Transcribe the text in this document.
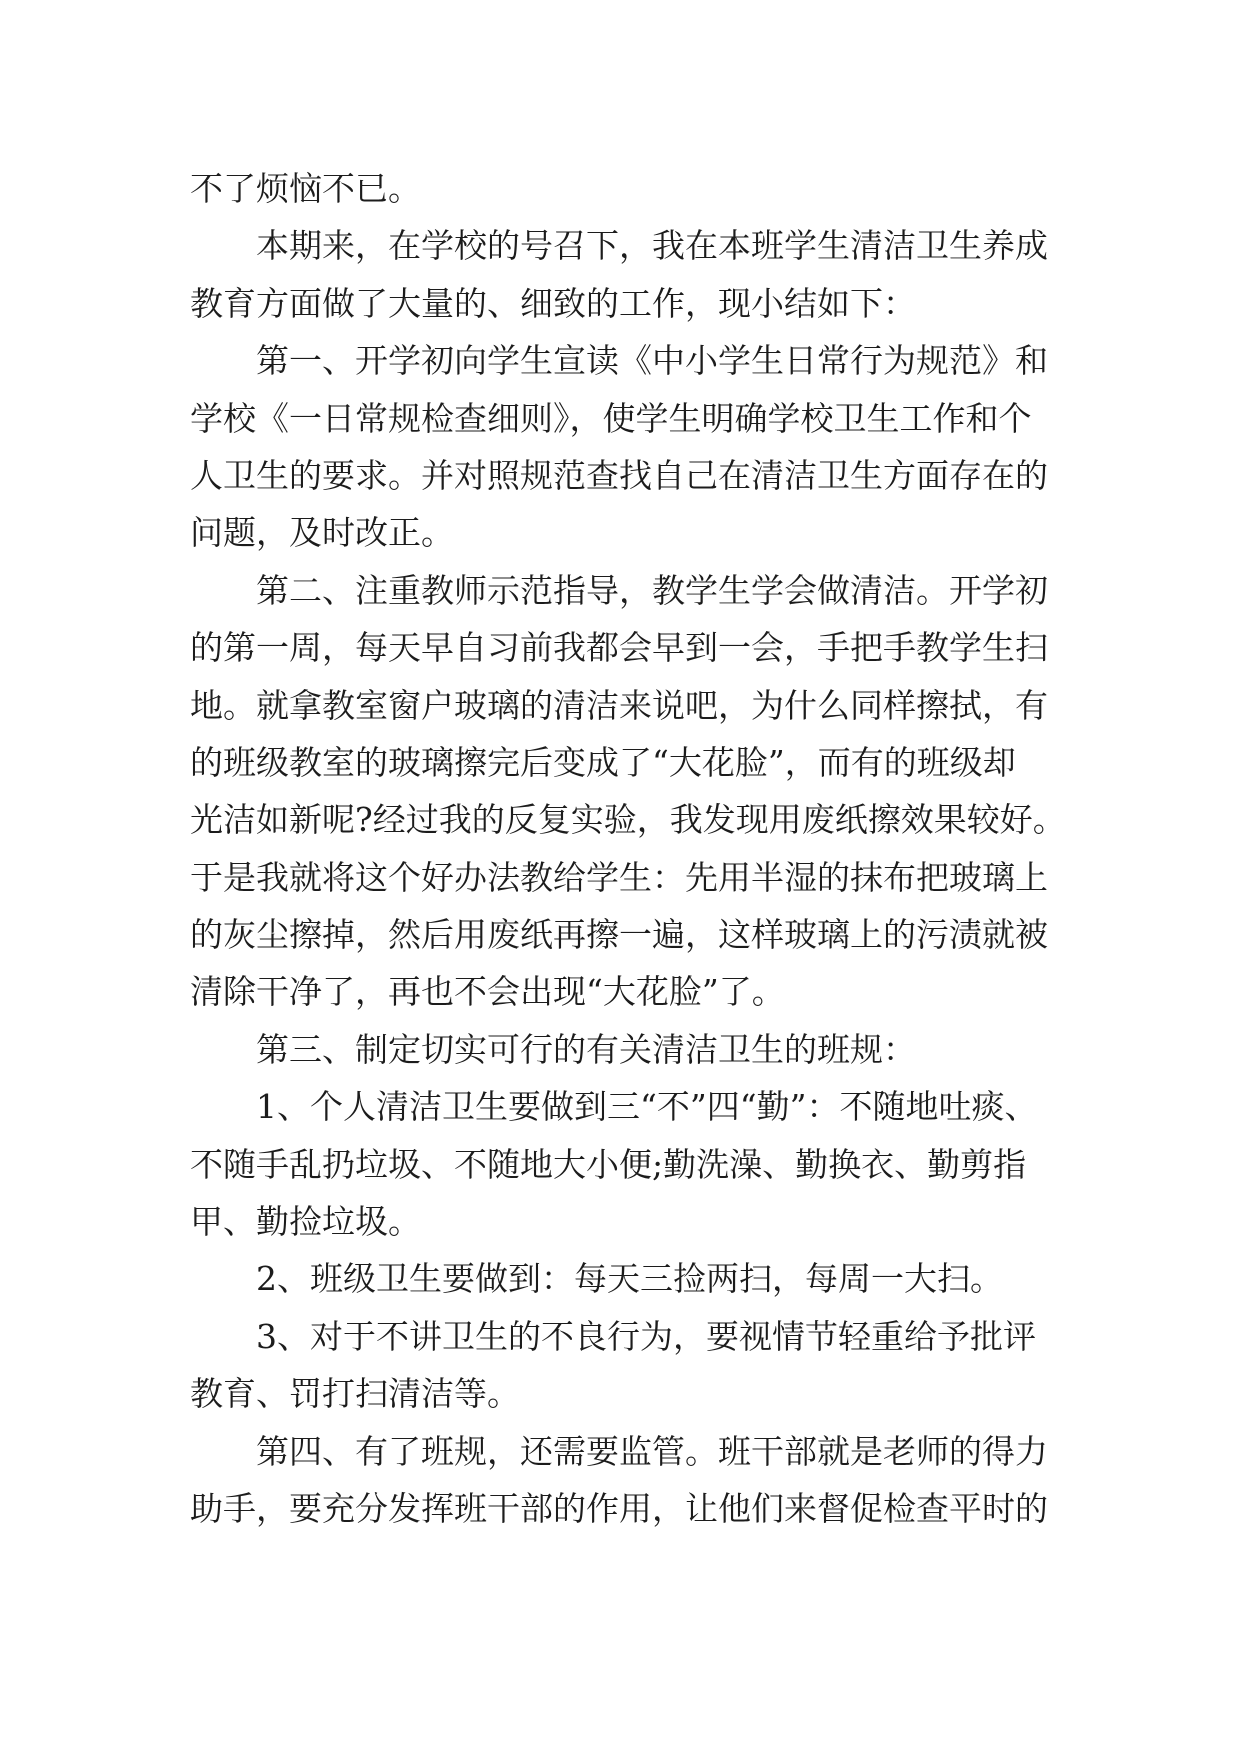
不了烦恼不已。
本期来，在学校的号召下，我在本班学生清洁卫生养成
教育方面做了大量的、细致的工作，现小结如下：
第一、开学初向学生宣读《中小学生日常行为规范》和
学校《一日常规检查细则》，使学生明确学校卫生工作和个
人卫生的要求。并对照规范查找自己在清洁卫生方面存在的
问题，及时改正。
第二、注重教师示范指导，教学生学会做清洁。开学初
的第一周，每天早自习前我都会早到一会，手把手教学生扫
地。就拿教室窗户玻璃的清洁来说吧，为什么同样擦拭，有
的班级教室的玻璃擦完后变成了“大花脸”，而有的班级却
光洁如新呢?经过我的反复实验，我发现用废纸擦效果较好。
于是我就将这个好办法教给学生：先用半湿的抹布把玻璃上
的灰尘擦掉，然后用废纸再擦一遍，这样玻璃上的污渍就被
清除干净了，再也不会出现“大花脸”了。
第三、制定切实可行的有关清洁卫生的班规：
1、个人清洁卫生要做到三“不”四“勤”：不随地吐痰、
不随手乱扔垃圾、不随地大小便;勤洗澡、勤换衣、勤剪指
甲、勤捡垃圾。
2、班级卫生要做到：每天三捡两扫，每周一大扫。
3、对于不讲卫生的不良行为，要视情节轻重给予批评
教育、罚打扫清洁等。
第四、有了班规，还需要监管。班干部就是老师的得力
助手，要充分发挥班干部的作用，让他们来督促检查平时的
